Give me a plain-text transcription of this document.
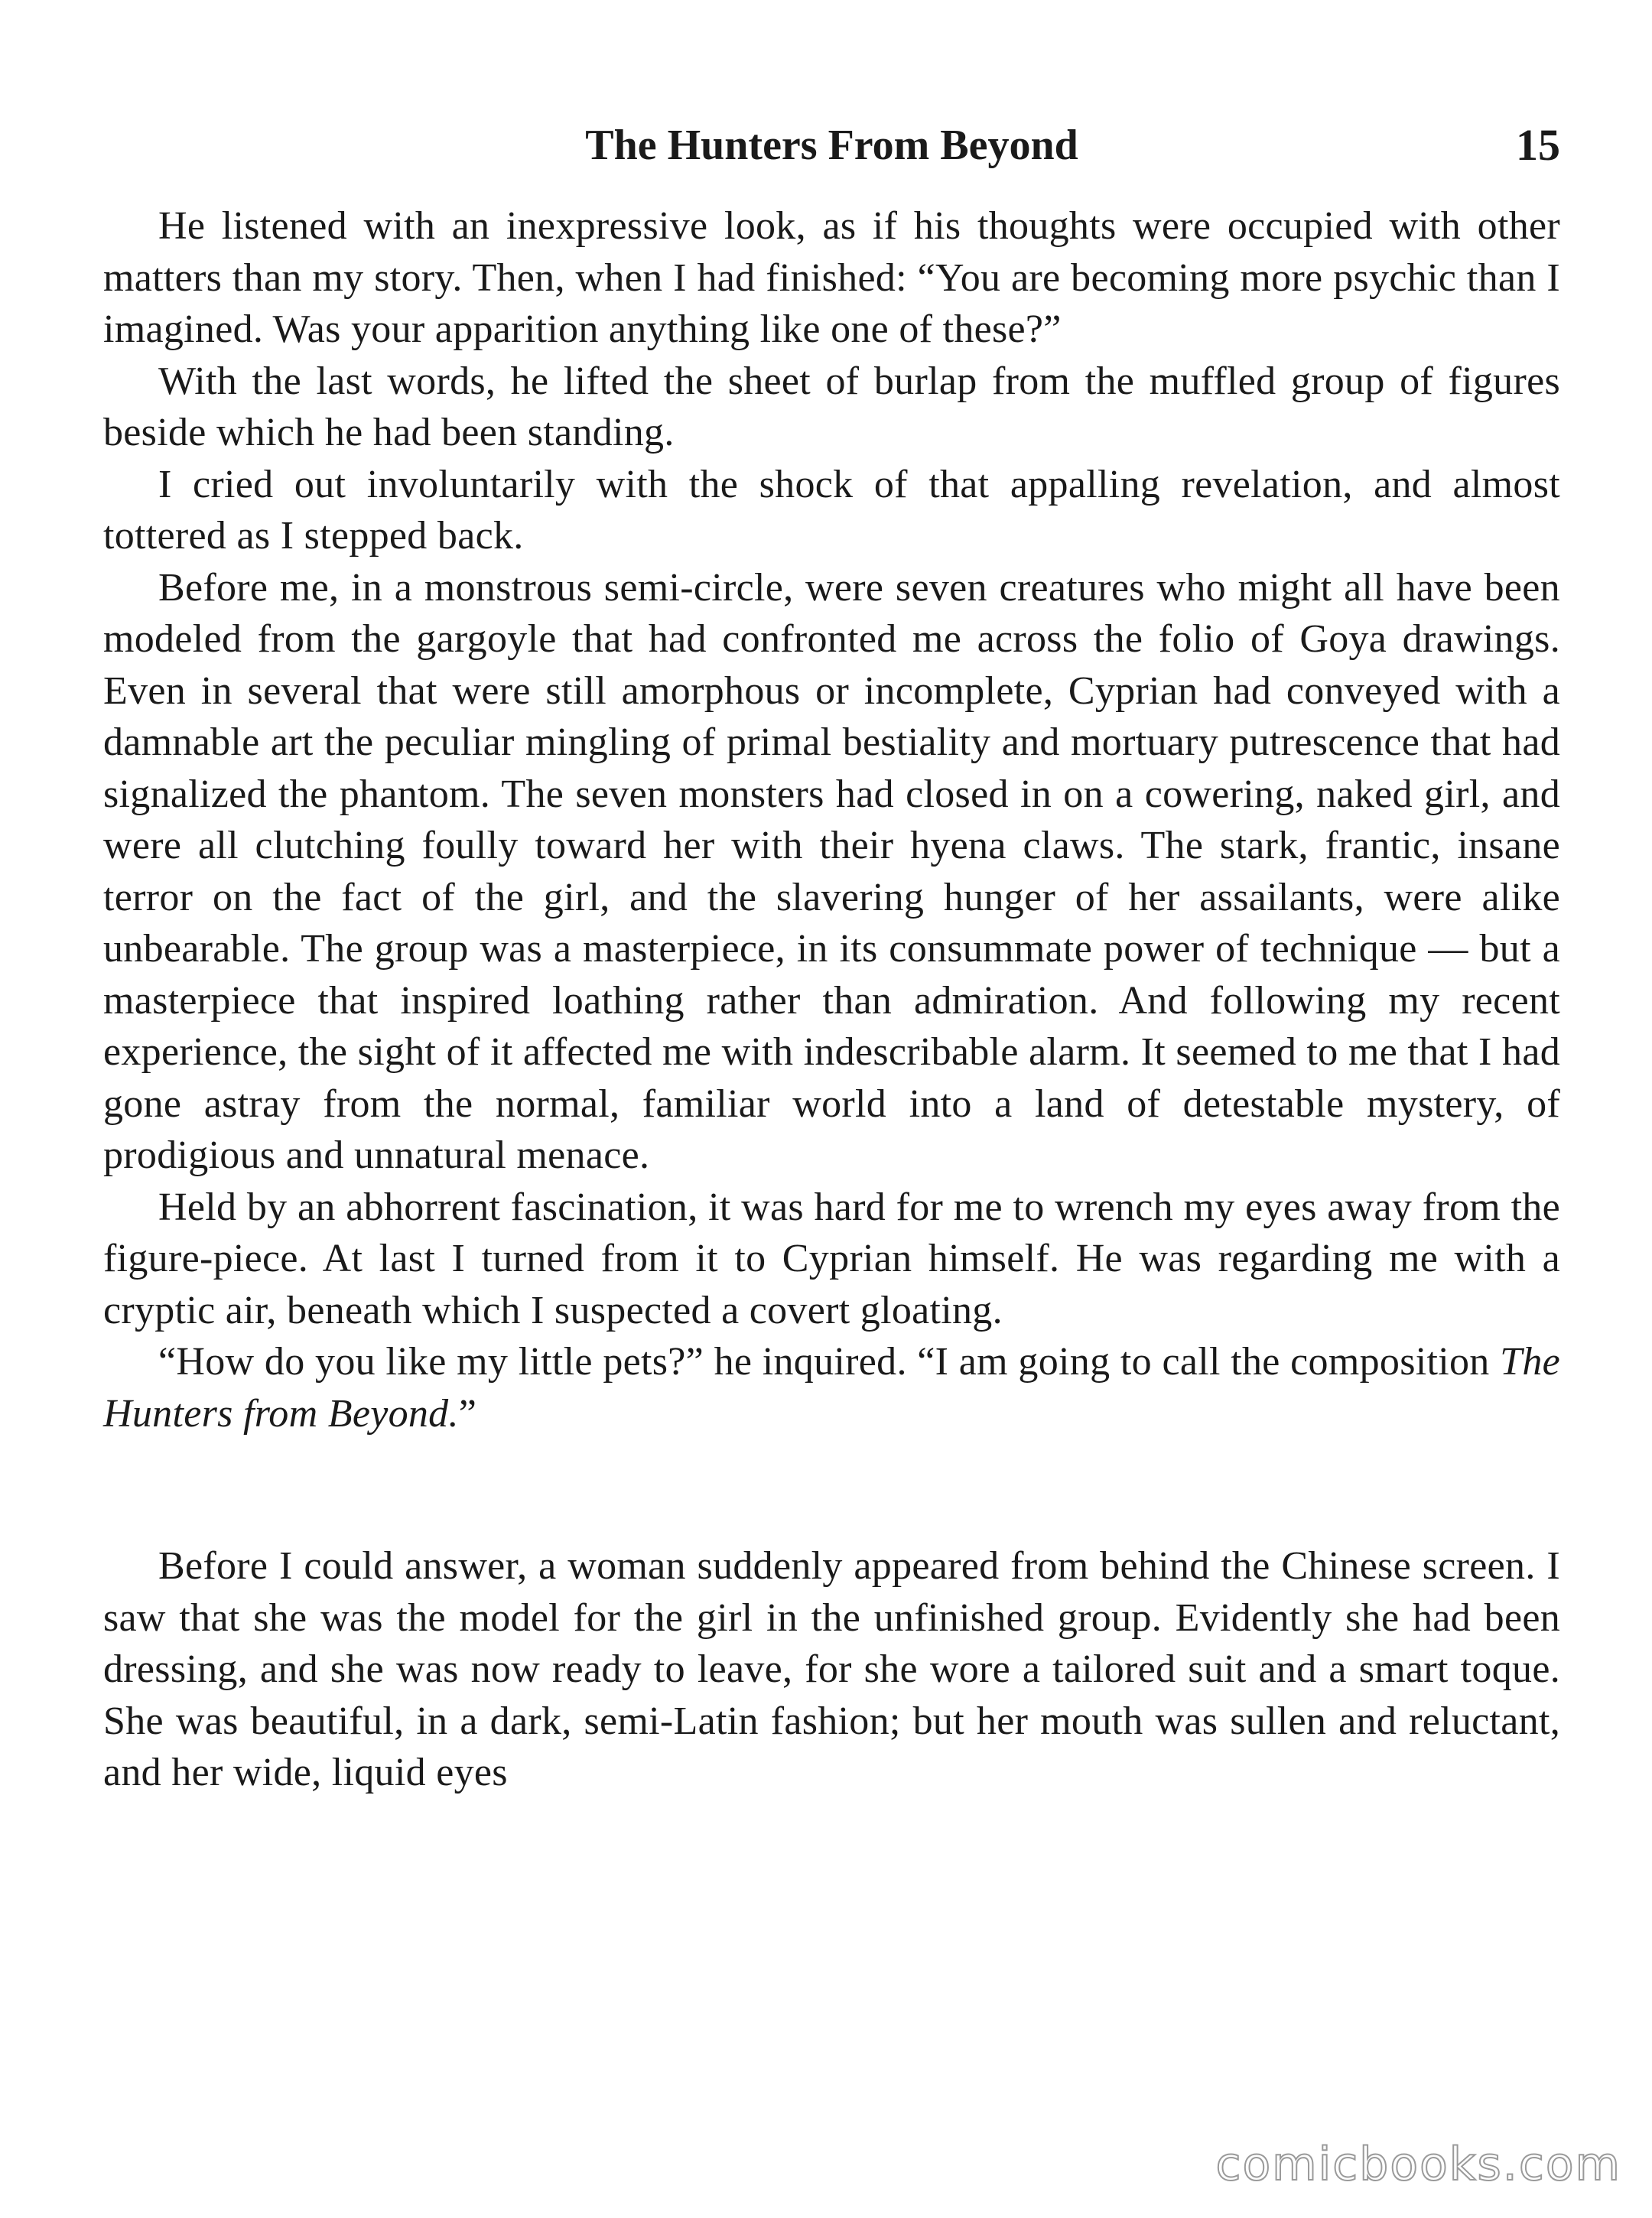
The Hunters From Beyond	15

He listened with an inexpressive look, as if his thoughts were occupied with other matters than my story. Then, when I had finished: “You are becoming more psychic than I imagined. Was your apparition anything like one of these?”

With the last words, he lifted the sheet of burlap from the muffled group of figures beside which he had been standing.

I cried out involuntarily with the shock of that appalling revelation, and almost tottered as I stepped back.

Before me, in a monstrous semi-circle, were seven creatures who might all have been modeled from the gargoyle that had confronted me across the folio of Goya drawings. Even in several that were still amorphous or incomplete, Cyprian had conveyed with a damnable art the peculiar mingling of primal bestiality and mortuary putrescence that had signalized the phantom. The seven monsters had closed in on a cowering, naked girl, and were all clutching foully toward her with their hyena claws. The stark, frantic, insane terror on the fact of the girl, and the slavering hunger of her assailants, were alike unbearable. The group was a masterpiece, in its consummate power of technique — but a masterpiece that inspired loathing rather than admiration. And following my recent experience, the sight of it affected me with indescribable alarm. It seemed to me that I had gone astray from the normal, familiar world into a land of detestable mystery, of prodigious and unnatural menace.

Held by an abhorrent fascination, it was hard for me to wrench my eyes away from the figure-piece. At last I turned from it to Cyprian himself. He was regarding me with a cryptic air, beneath which I suspected a covert gloating.

“How do you like my little pets?” he inquired. “I am going to call the composition The Hunters from Beyond.”

Before I could answer, a woman suddenly appeared from behind the Chinese screen. I saw that she was the model for the girl in the unfinished group. Evidently she had been dressing, and she was now ready to leave, for she wore a tailored suit and a smart toque. She was beautiful, in a dark, semi-Latin fashion; but her mouth was sullen and reluctant, and her wide, liquid eyes

comicbooks.com
